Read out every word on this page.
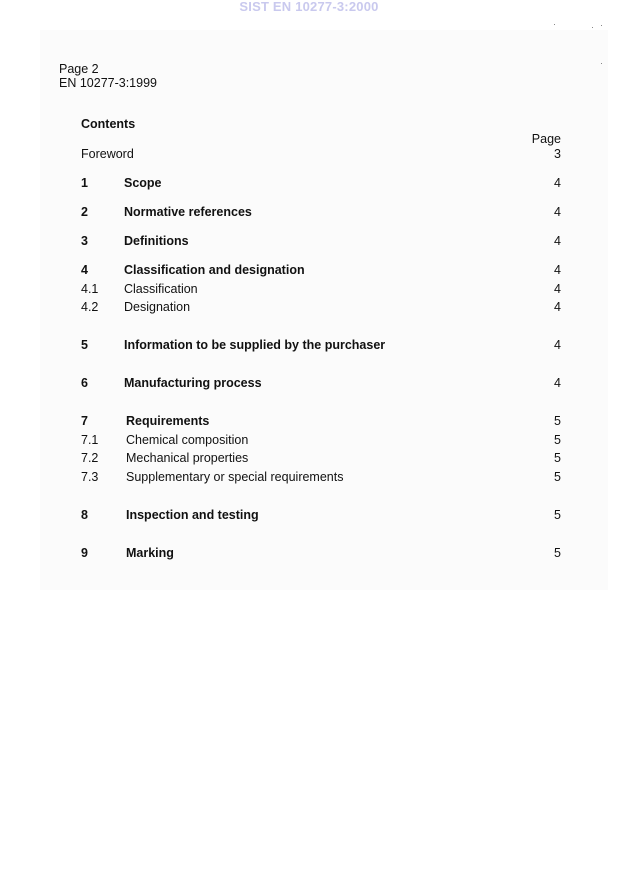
SIST EN 10277-3:2000
Page 2
EN 10277-3:1999
Contents
Page
Foreword	3
1	Scope	4
2	Normative references	4
3	Definitions	4
4	Classification and designation	4
4.1 Classification	4
4.2 Designation	4
5	Information to be supplied by the purchaser	4
6	Manufacturing process	4
7	Requirements	5
7.1 Chemical composition	5
7.2 Mechanical properties	5
7.3 Supplementary or special requirements	5
8	Inspection and testing	5
9	Marking	5
